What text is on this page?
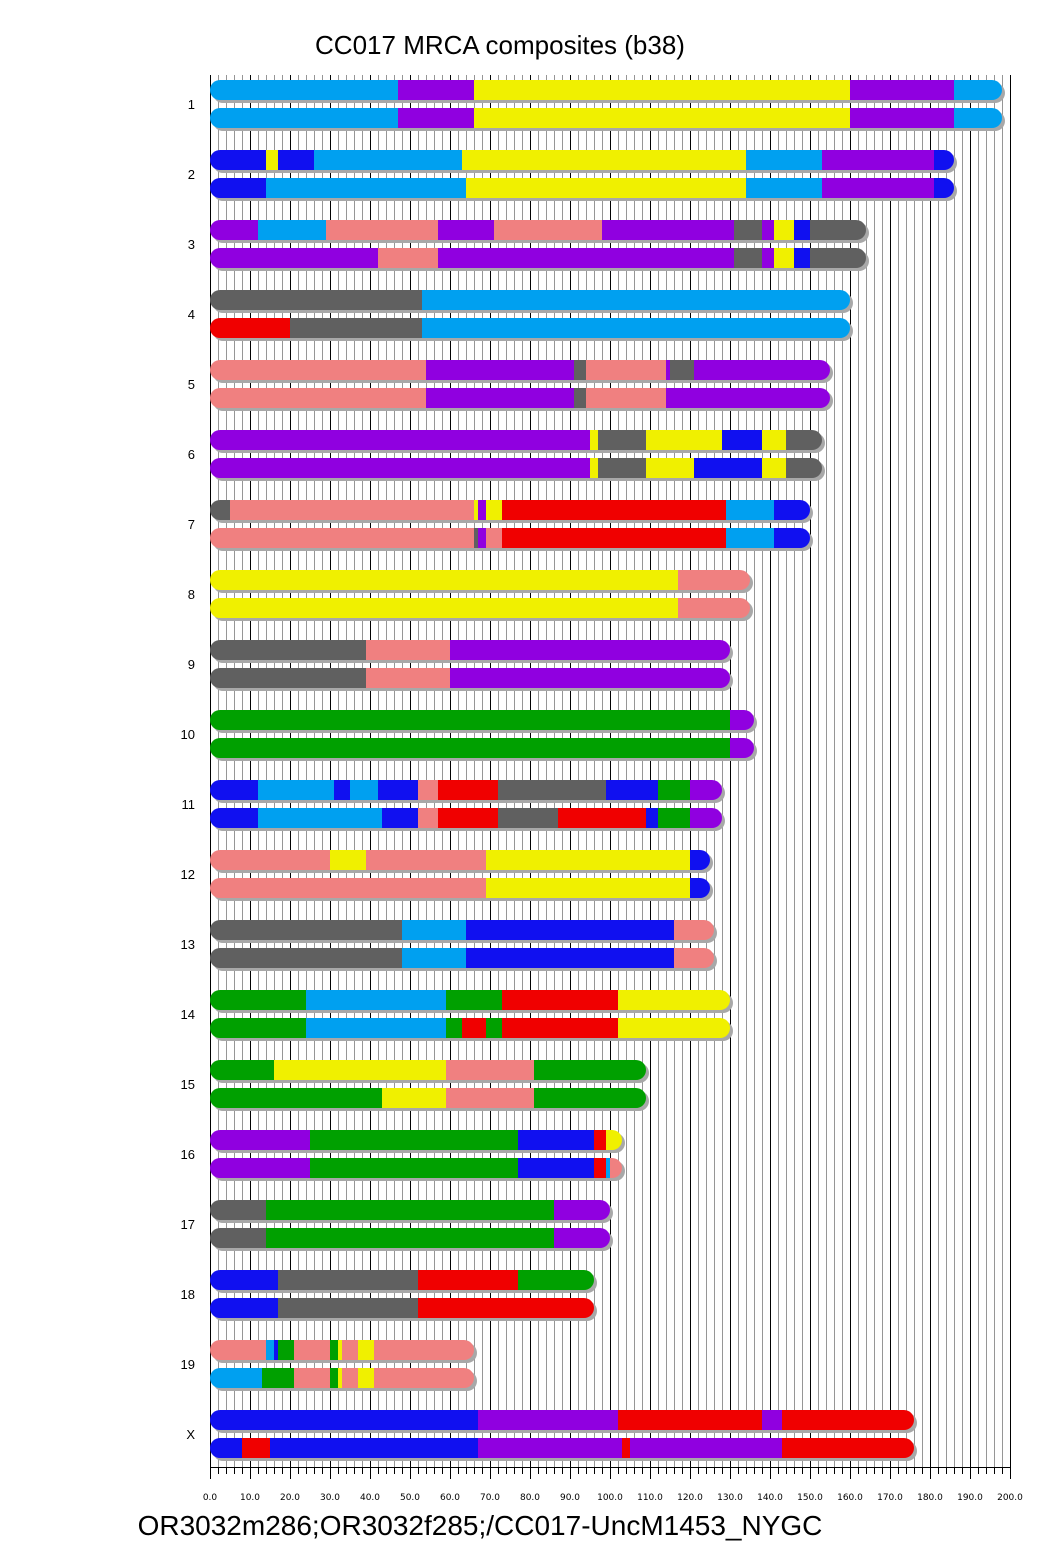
CC017 MRCA composites (b38)
1
2
3
4
5
6
7
8
9
10
11
12
13
14
15
16
17
18
19
X
0.0	10.0 20.0 30.0 40.0 50.0 60.0 70.0 80.0 90.0 100.0 110.0 120.0 130.0 140.0 150.0 160.0 170.0 180.0 190.0 200.0
OR3032m286;OR3032f285;/CC017-UncM1453_NYGC
